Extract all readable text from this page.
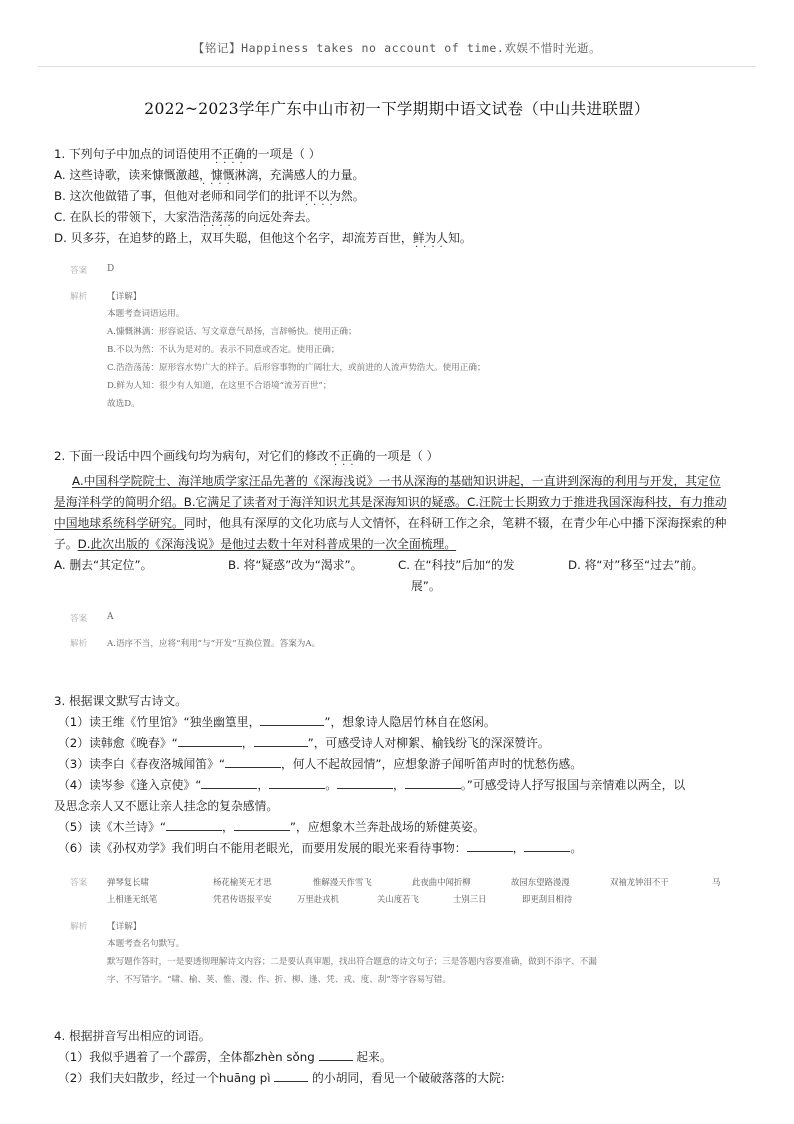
【铭记】Happiness takes no account of time.欢娱不惜时光逝。
2022~2023学年广东中山市初一下学期期中语文试卷（中山共进联盟）
1. 下列句子中加点的词语使用不正确的一项是（ ）
····
A. 这些诗歌，读来慷慨激越，慷慨淋漓，充满感人的力量。
····
B. 这次他做错了事，但他对老师和同学们的批评不以为然。
····
C. 在队长的带领下，大家浩浩荡荡的向远处奔去。
····
D. 贝多芬，在追梦的路上，双耳失聪，但他这个名字，却流芳百世，鲜为人知。
····
答案 D
解析 【详解】
本题考查词语运用。
A.慷慨淋漓：形容说话、写文章意气昂扬，言辞畅快。使用正确；
B.不以为然：不认为是对的。表示不同意或否定。使用正确；
C.浩浩荡荡：原形容水势广大的样子。后形容事物的广阔壮大，或前进的人流声势浩大。使用正确；
D.鲜为人知：很少有人知道，在这里不合语境“流芳百世”；
故选D。
2. 下面一段话中四个画线句均为病句，对它们的修改不正确的一项是（ ）
···
A.中国科学院院士、海洋地质学家汪品先著的《深海浅说》一书从深海的基础知识讲起，一直讲到深海的利用与开发，其定位
是海洋科学的简明介绍。B.它满足了读者对于海洋知识尤其是深海知识的疑惑。C.汪院士长期致力于推进我国深海科技，有力推动
中国地球系统科学研究。同时，他具有深厚的文化功底与人文情怀，在科研工作之余，笔耕不辍，在青少年心中播下深海探索的种
子。D.此次出版的《深海浅说》是他过去数十年对科普成果的一次全面梳理。
A. 删去“其定位”。	B. 将“疑惑”改为“渴求”。	C. 在“科技”后加“的发
展”。
D. 将“对”移至“过去”前。
答案 A
解析 A.语序不当，应将“利用”与“开发”互换位置。答案为A。
3. 根据课文默写古诗文。
（1）读王维《竹里馆》“独坐幽篁里，	”，想象诗人隐居竹林自在悠闲。
（2）读韩愈《晚春》“	，	”，可感受诗人对柳絮、榆钱纷飞的深深赞许。
（3）读李白《春夜洛城闻笛》“	，何人不起故园情”，应想象游子闻听笛声时的忧愁伤感。
（4）读岑参《逢入京使》“	，	。	，	。”可感受诗人抒写报国与亲情难以两全，以
及思念亲人又不愿让亲人挂念的复杂感情。
（5）读《木兰诗》“	，	”，应想象木兰奔赴战场的矫健英姿。
（6）读《孙权劝学》我们明白不能用老眼光，而要用发展的眼光来看待事物：	，	。
答案 弹琴复长啸	杨花榆荚无才思	惟解漫天作雪飞	此夜曲中闻折柳	故园东望路漫漫	双袖龙钟泪不干	马
上相逢无纸笔	凭君传语报平安	万里赴戎机	关山度若飞	士别三日	即更刮目相待
解析 【详解】
本题考查名句默写。
默写题作答时，一是要透彻理解诗文内容；二是要认真审题，找出符合题意的诗文句子；三是答题内容要准确，做到不添字、不漏
字、不写错字。“啸、榆、荚、惟、漫、作、折、柳、逢、凭、戎、度、刮”等字容易写错。
4. 根据拼音写出相应的词语。
（1）我似乎遇着了一个霹雳，全体都zhèn sǒng	起来。
（2）我们夫妇散步，经过一个huāng pì	的小胡同，看见一个破破落落的大院:
